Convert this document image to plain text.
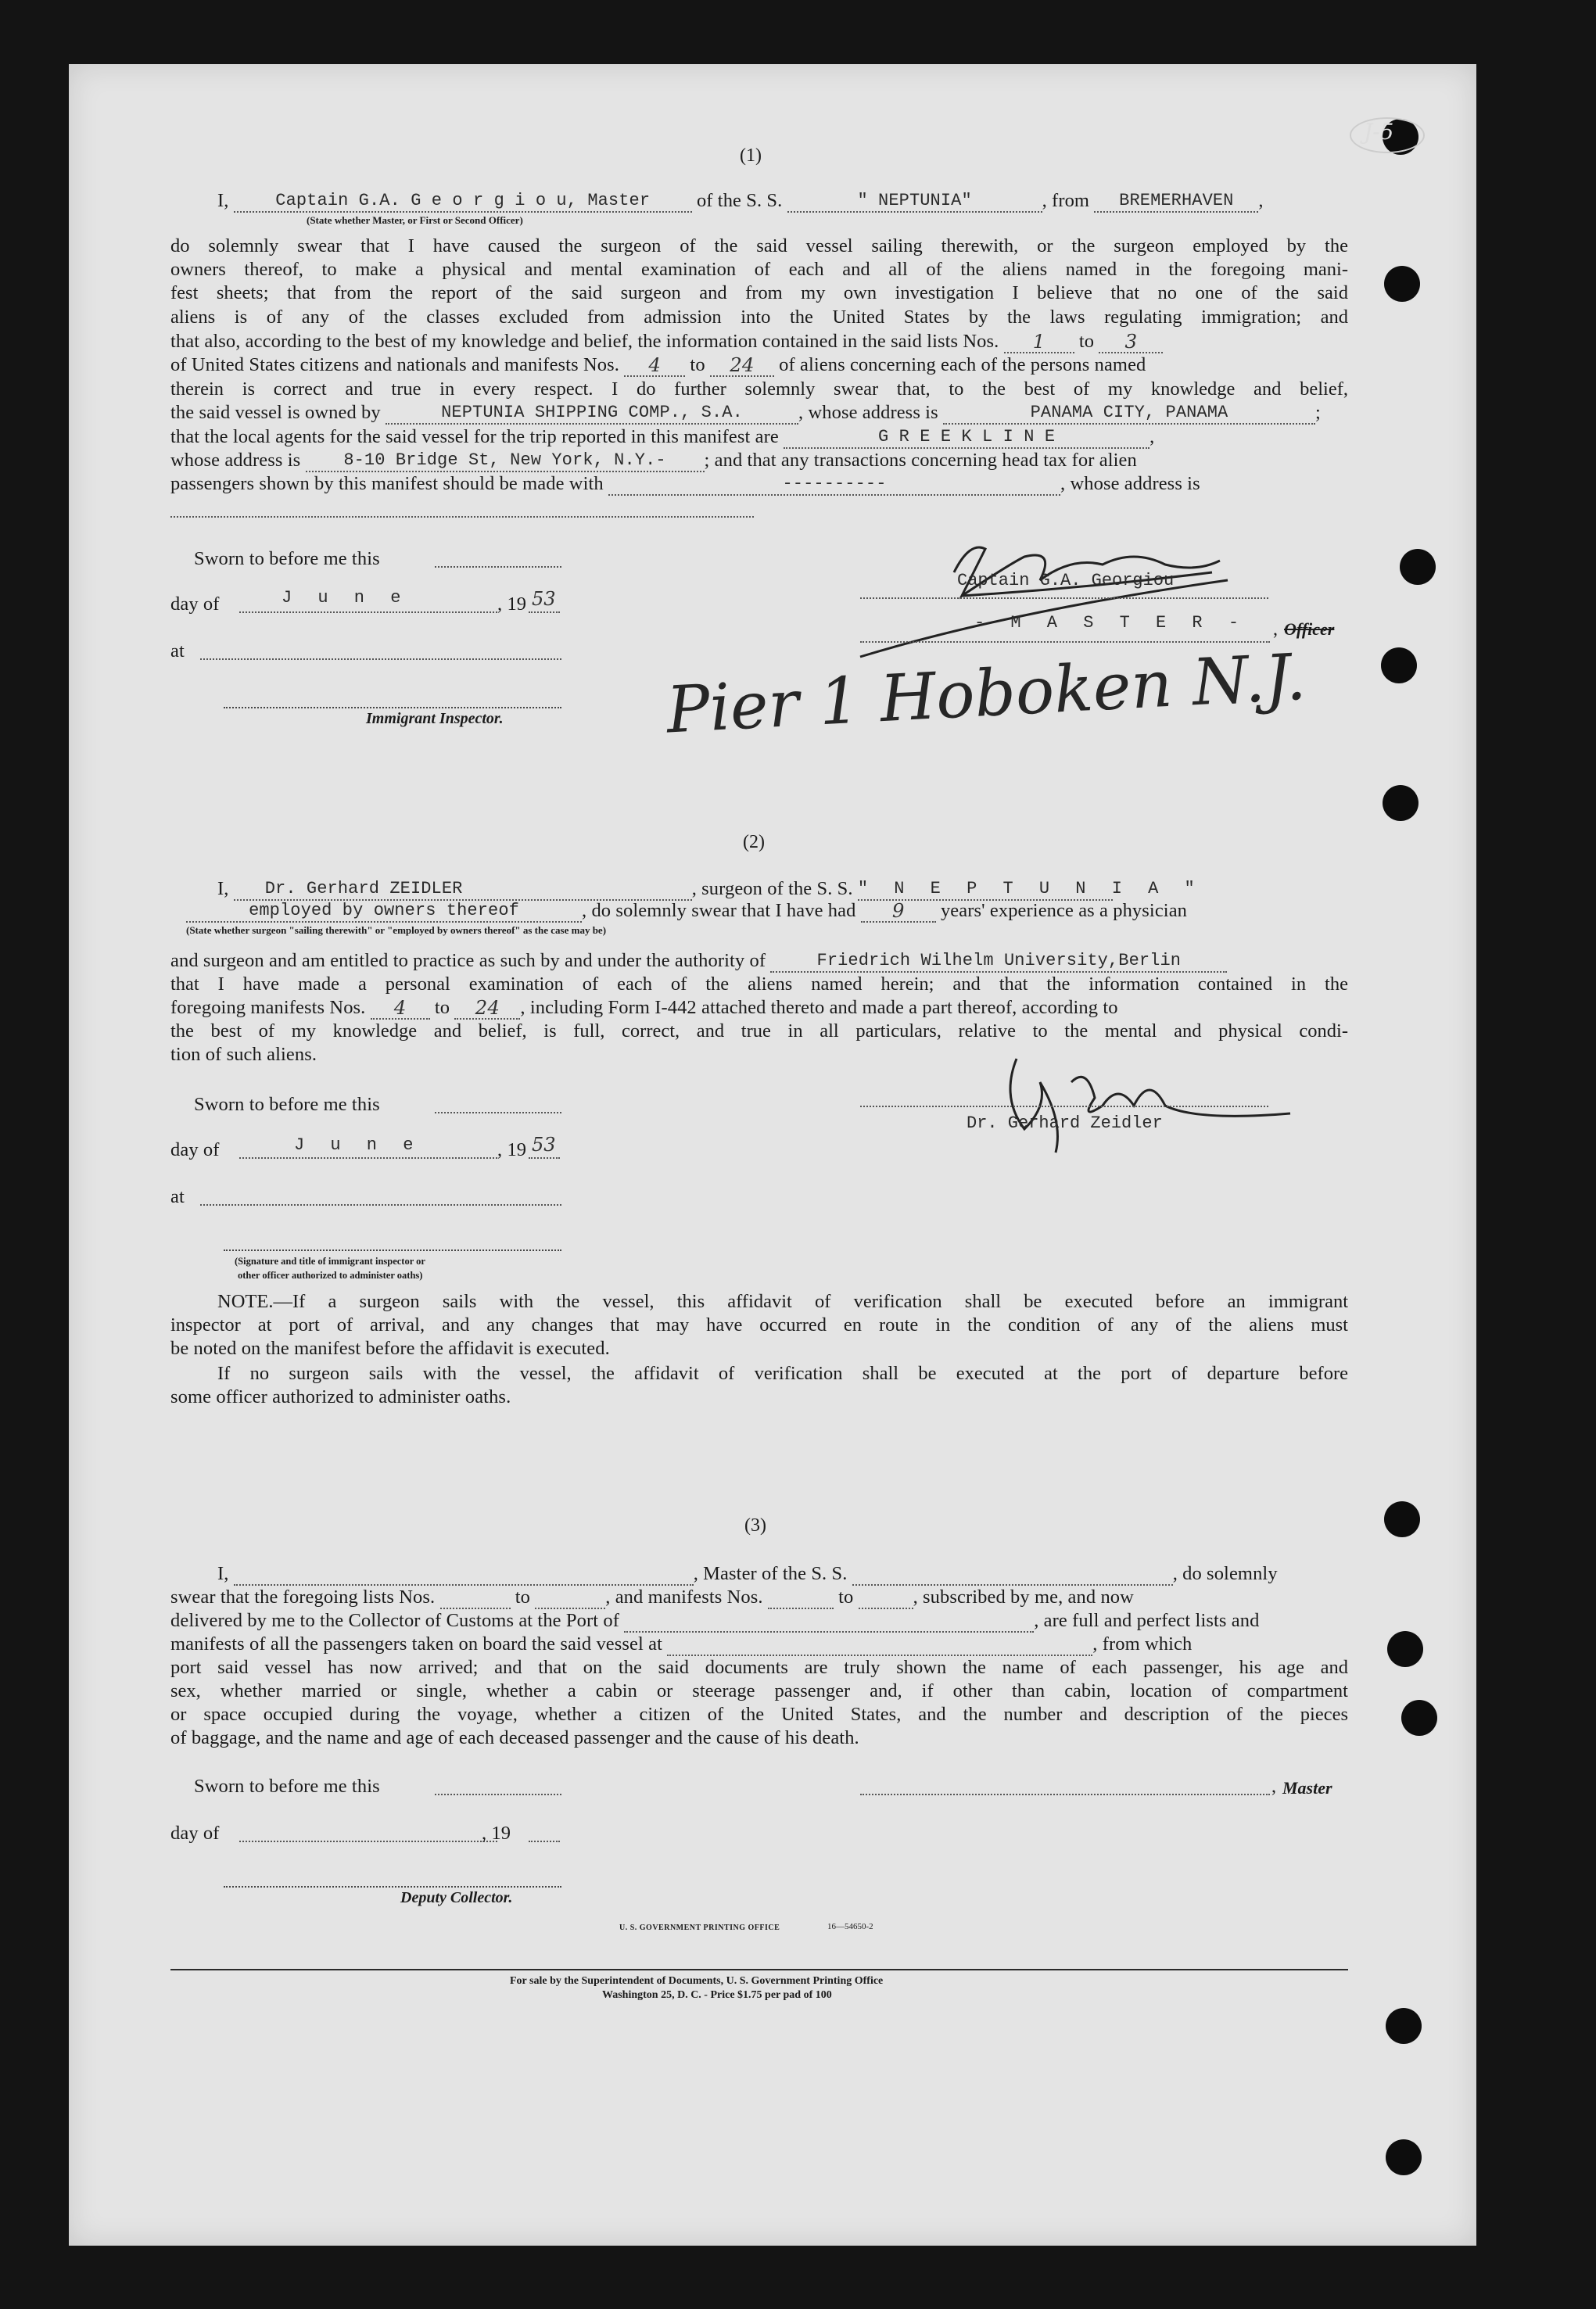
J-5
(1)
I,	Captain G.A. G e o r g i o u, Master	of the S. S.	" NEPTUNIA"	, from	BREMERHAVEN	,
(State whether Master, or First or Second Officer)
do solemnly swear that I have caused the surgeon of the said vessel sailing therewith, or the surgeon employed by the
owners thereof, to make a physical and mental examination of each and all of the aliens named in the foregoing mani-
fest sheets; that from the report of the said surgeon and from my own investigation I believe that no one of the said
aliens is of any of the classes excluded from admission into the United States by the laws regulating immigration; and
that also, according to the best of my knowledge and belief, the information contained in the said lists Nos.	1	to	3
of United States citizens and nationals and manifests Nos.	4	to	24	of aliens concerning each of the persons named
therein is correct and true in every respect. I do further solemnly swear that, to the best of my knowledge and belief,
the said vessel is owned by	NEPTUNIA SHIPPING COMP., S.A.	, whose address is	PANAMA CITY, PANAMA	;
that the local agents for the said vessel for the trip reported in this manifest are	G R E E K L I N E	,
whose address is	8-10 Bridge St, New York, N.Y.-	; and that any transactions concerning head tax for alien
passengers shown by this manifest should be made with	----------	, whose address is
Sworn to before me this
day of	J u n e	, 19 53
at
Immigrant Inspector.
Captain G.A. Georgiou
- M A S T E R - , Officer
Pier 1 Hoboken N.J.
(2)
I,	Dr. Gerhard ZEIDLER	, surgeon of the S. S. " N E P T U N I A "
employed by owners thereof	, do solemnly swear that I have had	9	years' experience as a physician
(State whether surgeon "sailing therewith" or "employed by owners thereof" as the case may be)
and surgeon and am entitled to practice as such by and under the authority of	Friedrich Wilhelm University,Berlin
that I have made a personal examination of each of the aliens named herein; and that the information contained in the
foregoing manifests Nos.	4	to	24	, including Form I-442 attached thereto and made a part thereof, according to
the best of my knowledge and belief, is full, correct, and true in all particulars, relative to the mental and physical condi-
tion of such aliens.
Sworn to before me this
day of	J u n e	, 19 53
at
(Signature and title of immigrant inspector or
other officer authorized to administer oaths)
Dr. Gerhard Zeidler
NOTE.—If a surgeon sails with the vessel, this affidavit of verification shall be executed before an immigrant
inspector at port of arrival, and any changes that may have occurred en route in the condition of any of the aliens must
be noted on the manifest before the affidavit is executed.
If no surgeon sails with the vessel, the affidavit of verification shall be executed at the port of departure before
some officer authorized to administer oaths.
(3)
I,	, Master of the S. S.	, do solemnly
swear that the foregoing lists Nos.	to	, and manifests Nos.	to	, subscribed by me, and now
delivered by me to the Collector of Customs at the Port of	, are full and perfect lists and
manifests of all the passengers taken on board the said vessel at	, from which
port said vessel has now arrived; and that on the said documents are truly shown the name of each passenger, his age and
sex, whether married or single, whether a cabin or steerage passenger and, if other than cabin, location of compartment
or space occupied during the voyage, whether a citizen of the United States, and the number and description of the pieces
of baggage, and the name and age of each deceased passenger and the cause of his death.
Sworn to before me this	, Master
day of	, 19
Deputy Collector.
U. S. GOVERNMENT PRINTING OFFICE	16—54650-2
For sale by the Superintendent of Documents, U. S. Government Printing Office
Washington 25, D. C. - Price $1.75 per pad of 100
